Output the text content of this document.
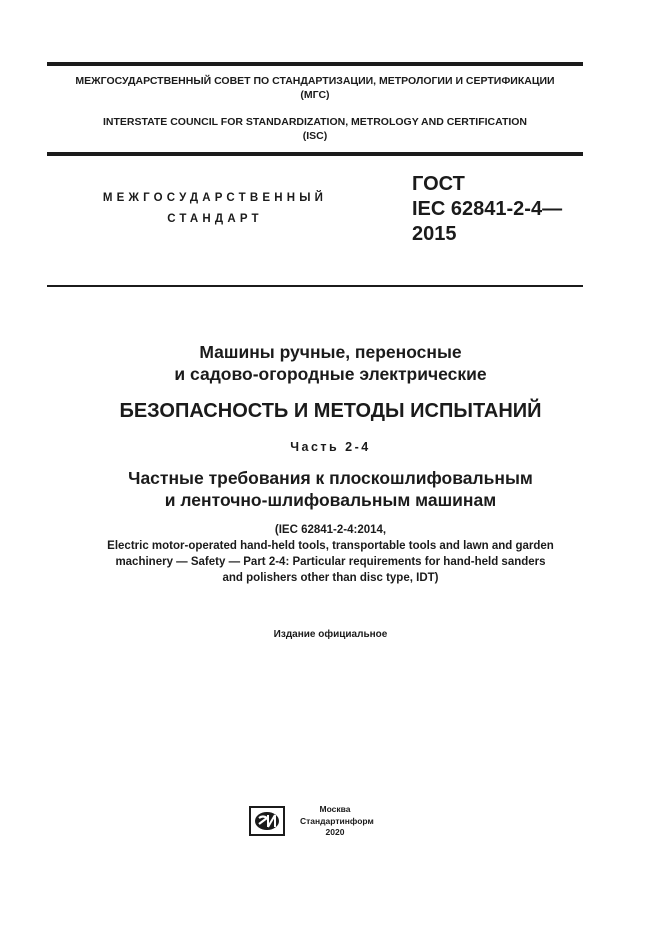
МЕЖГОСУДАРСТВЕННЫЙ СОВЕТ ПО СТАНДАРТИЗАЦИИ, МЕТРОЛОГИИ И СЕРТИФИКАЦИИ
(МГС)
INTERSTATE COUNCIL FOR STANDARDIZATION, METROLOGY AND CERTIFICATION
(ISC)
МЕЖГОСУДАРСТВЕННЫЙ
СТАНДАРТ
ГОСТ
IEC 62841-2-4—
2015
Машины ручные, переносные
и садово-огородные электрические
БЕЗОПАСНОСТЬ И МЕТОДЫ ИСПЫТАНИЙ
Часть 2-4
Частные требования к плоскошлифовальным
и ленточно-шлифовальным машинам
(IEC 62841-2-4:2014,
Electric motor-operated hand-held tools, transportable tools and lawn and garden
machinery — Safety — Part 2-4: Particular requirements for hand-held sanders
and polishers other than disc type, IDT)
Издание официальное
Москва
Стандартинформ
2020
